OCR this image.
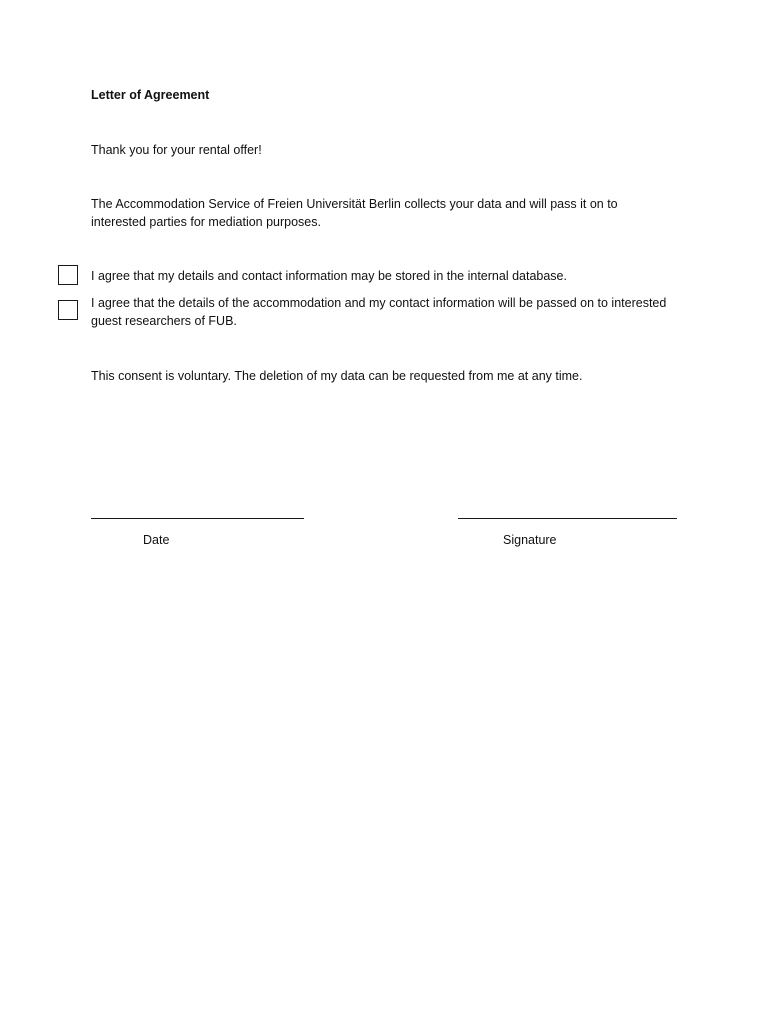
Letter of Agreement
Thank you for your rental offer!
The Accommodation Service of Freien Universität Berlin collects your data and will pass it on to interested parties for mediation purposes.
I agree that my details and contact information may be stored in the internal database.
I agree that the details of the accommodation and my contact information will be passed on to interested guest researchers of FUB.
This consent is voluntary. The deletion of my data can be requested from me at any time.
Date	Signature
